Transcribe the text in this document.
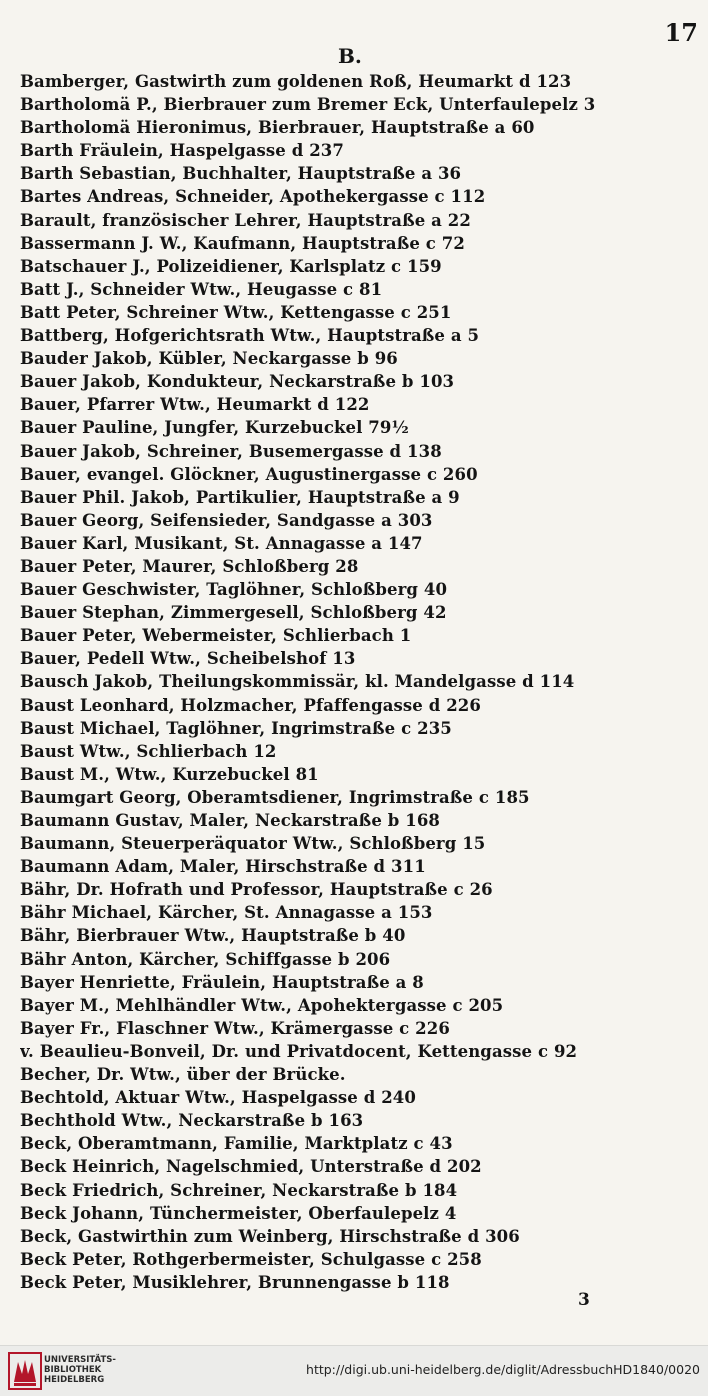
17
B.
Bamberger, Gastwirth zum goldenen Roß, Heumarkt d 123
Bartholomä P., Bierbrauer zum Bremer Eck, Unterfaulepelz 3
Bartholomä Hieronimus, Bierbrauer, Hauptstraße a 60
Barth Fräulein, Haspelgasse d 237
Barth Sebastian, Buchhalter, Hauptstraße a 36
Bartes Andreas, Schneider, Apothekergasse c 112
Barault, französischer Lehrer, Hauptstraße a 22
Bassermann J. W., Kaufmann, Hauptstraße c 72
Batschauer J., Polizeidiener, Karlsplatz c 159
Batt J., Schneider Wtw., Heugasse c 81
Batt Peter, Schreiner Wtw., Kettengasse c 251
Battberg, Hofgerichtsrath Wtw., Hauptstraße a 5
Bauder Jakob, Kübler, Neckargasse b 96
Bauer Jakob, Kondukteur, Neckarstraße b 103
Bauer, Pfarrer Wtw., Heumarkt d 122
Bauer Pauline, Jungfer, Kurzebuckel 79½
Bauer Jakob, Schreiner, Busemergasse d 138
Bauer, evangel. Glöckner, Augustinergasse c 260
Bauer Phil. Jakob, Partikulier, Hauptstraße a 9
Bauer Georg, Seifensieder, Sandgasse a 303
Bauer Karl, Musikant, St. Annagasse a 147
Bauer Peter, Maurer, Schloßberg 28
Bauer Geschwister, Taglöhner, Schloßberg 40
Bauer Stephan, Zimmergesell, Schloßberg 42
Bauer Peter, Webermeister, Schlierbach 1
Bauer, Pedell Wtw., Scheibelshof 13
Bausch Jakob, Theilungskommissär, kl. Mandelgasse d 114
Baust Leonhard, Holzmacher, Pfaffengasse d 226
Baust Michael, Taglöhner, Ingrimstraße c 235
Baust Wtw., Schlierbach 12
Baust M., Wtw., Kurzebuckel 81
Baumgart Georg, Oberamtsdiener, Ingrimstraße c 185
Baumann Gustav, Maler, Neckarstraße b 168
Baumann, Steuerperäquator Wtw., Schloßberg 15
Baumann Adam, Maler, Hirschstraße d 311
Bähr, Dr. Hofrath und Professor, Hauptstraße c 26
Bähr Michael, Kärcher, St. Annagasse a 153
Bähr, Bierbrauer Wtw., Hauptstraße b 40
Bähr Anton, Kärcher, Schiffgasse b 206
Bayer Henriette, Fräulein, Hauptstraße a 8
Bayer M., Mehlhändler Wtw., Apohektergasse c 205
Bayer Fr., Flaschner Wtw., Krämergasse c 226
v. Beaulieu-Bonveil, Dr. und Privatdocent, Kettengasse c 92
Becher, Dr. Wtw., über der Brücke.
Bechtold, Aktuar Wtw., Haspelgasse d 240
Bechthold Wtw., Neckarstraße b 163
Beck, Oberamtmann, Familie, Marktplatz c 43
Beck Heinrich, Nagelschmied, Unterstraße d 202
Beck Friedrich, Schreiner, Neckarstraße b 184
Beck Johann, Tünchermeister, Oberfaulepelz 4
Beck, Gastwirthin zum Weinberg, Hirschstraße d 306
Beck Peter, Rothgerbermeister, Schulgasse c 258
Beck Peter, Musiklehrer, Brunnengasse b 118
3
UNIVERSITÄTS-
BIBLIOTHEK
HEIDELBERG
http://digi.ub.uni-heidelberg.de/diglit/AdressbuchHD1840/0020
